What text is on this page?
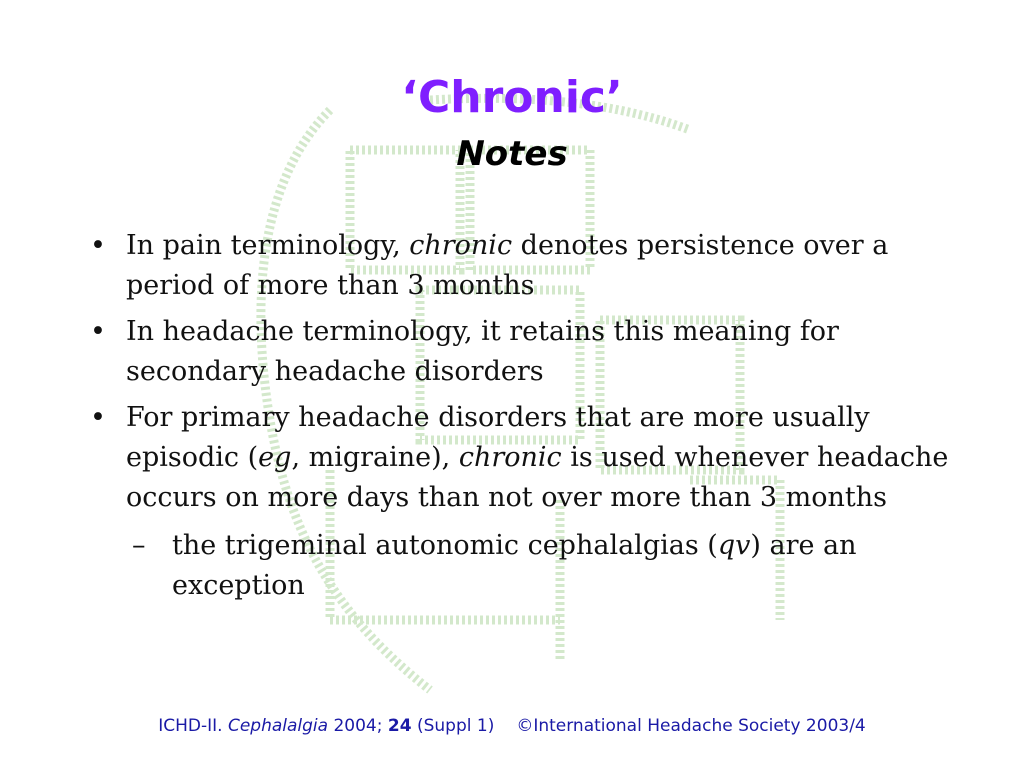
‘Chronic’
Notes
• In pain terminology, chronic denotes persistence over a period of more than 3 months
• In headache terminology, it retains this meaning for secondary headache disorders
• For primary headache disorders that are more usually episodic (eg, migraine), chronic is used whenever headache occurs on more days than not over more than 3 months
– the trigeminal autonomic cephalalgias (qv) are an exception
ICHD-II. Cephalalgia 2004; 24 (Suppl 1) ©International Headache Society 2003/4
